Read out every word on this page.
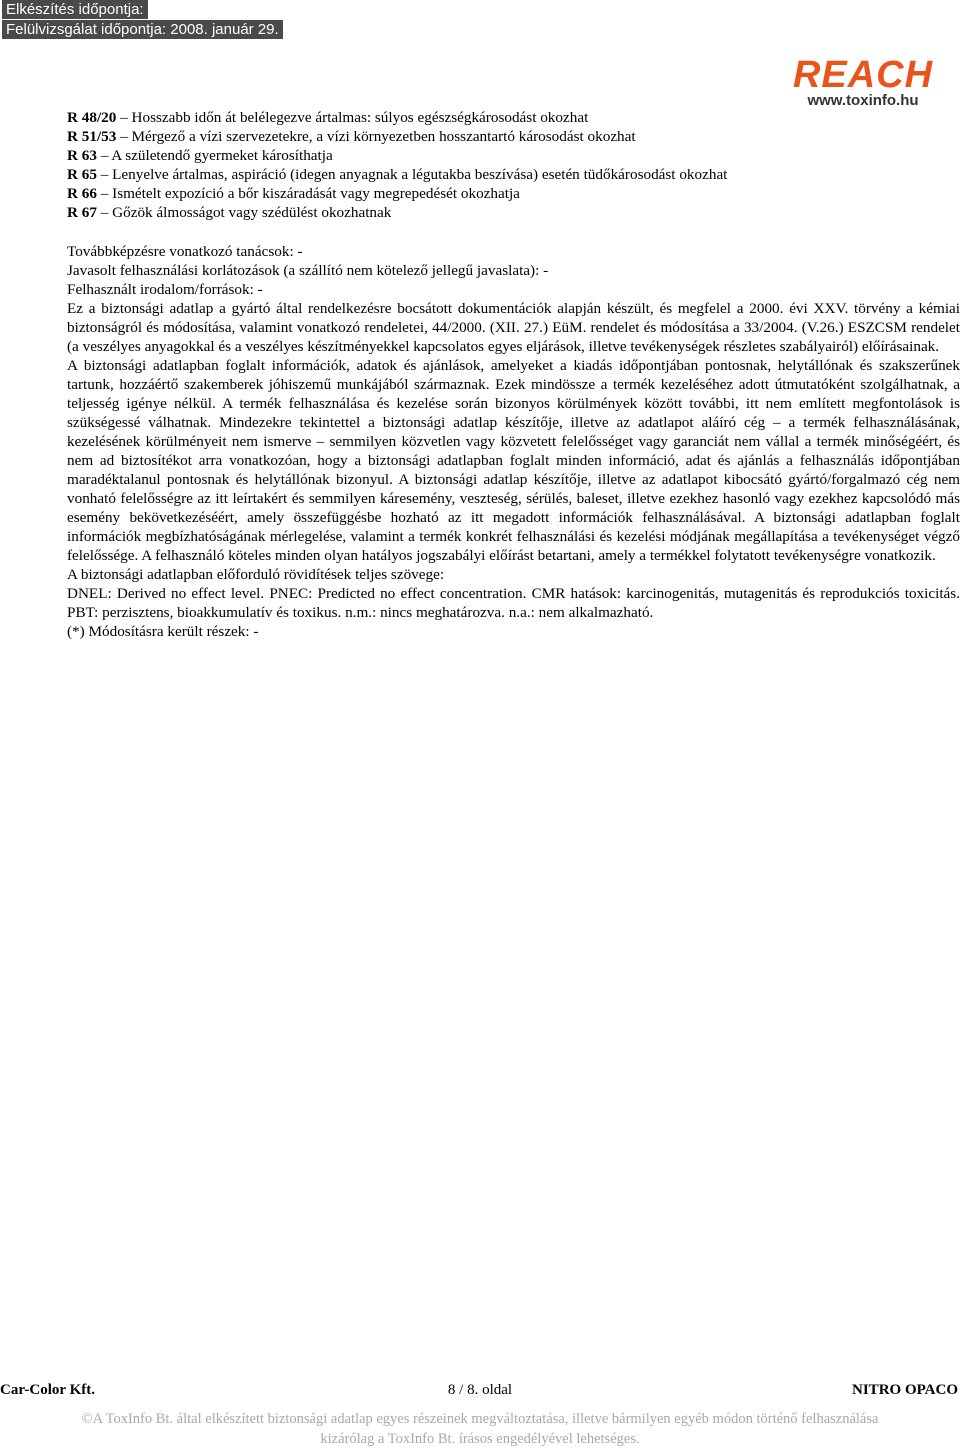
Elkészítés időpontja:
Felülvizsgálat időpontja: 2008. január 29.
REACH
www.toxinfo.hu

R 48/20 – Hosszabb időn át belélegezve ártalmas: súlyos egészségkárosodást okozhat

R 51/53 – Mérgező a vízi szervezetekre, a vízi környezetben hosszantartó károsodást okozhat

R 63 – A születendő gyermeket károsíthatja

R 65 – Lenyelve ártalmas, aspiráció (idegen anyagnak a légutakba beszívása) esetén tüdőkárosodást okozhat

R 66 – Ismételt expozíció a bőr kiszáradását vagy megrepedését okozhatja

R 67 – Gőzök álmosságot vagy szédülést okozhatnak

Továbbképzésre vonatkozó tanácsok: -

Javasolt felhasználási korlátozások (a szállító nem kötelező jellegű javaslata): -

Felhasznált irodalom/források: -

Ez a biztonsági adatlap a gyártó által rendelkezésre bocsátott dokumentációk alapján készült, és megfelel a 2000. évi XXV. törvény a kémiai biztonságról és módosítása, valamint vonatkozó rendeletei, 44/2000. (XII. 27.) EüM. rendelet és módosítása a 33/2004. (V.26.) ESZCSM rendelet (a veszélyes anyagokkal és a veszélyes készítményekkel kapcsolatos egyes eljárások, illetve tevékenységek részletes szabályairól) előírásainak.

A biztonsági adatlapban foglalt információk, adatok és ajánlások, amelyeket a kiadás időpontjában pontosnak, helytállónak és szakszerűnek tartunk, hozzáértő szakemberek jóhiszemű munkájából származnak. Ezek mindössze a termék kezeléséhez adott útmutatóként szolgálhatnak, a teljesség igénye nélkül. A termék felhasználása és kezelése során bizonyos körülmények között további, itt nem említett megfontolások is szükségessé válhatnak. Mindezekre tekintettel a biztonsági adatlap készítője, illetve az adatlapot aláíró cég – a termék felhasználásának, kezelésének körülményeit nem ismerve – semmilyen közvetlen vagy közvetett felelősséget vagy garanciát nem vállal a termék minőségéért, és nem ad biztosítékot arra vonatkozóan, hogy a biztonsági adatlapban foglalt minden információ, adat és ajánlás a felhasználás időpontjában maradéktalanul pontosnak és helytállónak bizonyul. A biztonsági adatlap készítője, illetve az adatlapot kibocsátó gyártó/forgalmazó cég nem vonható felelősségre az itt leírtakért és semmilyen káresemény, veszteség, sérülés, baleset, illetve ezekhez hasonló vagy ezekhez kapcsolódó más esemény bekövetkezéséért, amely összefüggésbe hozható az itt megadott információk felhasználásával. A biztonsági adatlapban foglalt információk megbízhatóságának mérlegelése, valamint a termék konkrét felhasználási és kezelési módjának megállapítása a tevékenységet végző felelőssége. A felhasználó köteles minden olyan hatályos jogszabályi előírást betartani, amely a termékkel folytatott tevékenységre vonatkozik.

A biztonsági adatlapban előforduló rövidítések teljes szövege:

DNEL: Derived no effect level. PNEC: Predicted no effect concentration. CMR hatások: karcinogenitás, mutagenitás és reprodukciós toxicitás. PBT: perzisztens, bioakkumulatív és toxikus. n.m.: nincs meghatározva. n.a.: nem alkalmazható.

(*) Módosításra került részek: -

8 / 8. oldal
Car-Color Kft.	NITRO OPACO
©A ToxInfo Bt. által elkészített biztonsági adatlap egyes részeinek megváltoztatása, illetve bármilyen egyéb módon történő felhasználása
kizárólag a ToxInfo Bt. írásos engedélyével lehetséges.
